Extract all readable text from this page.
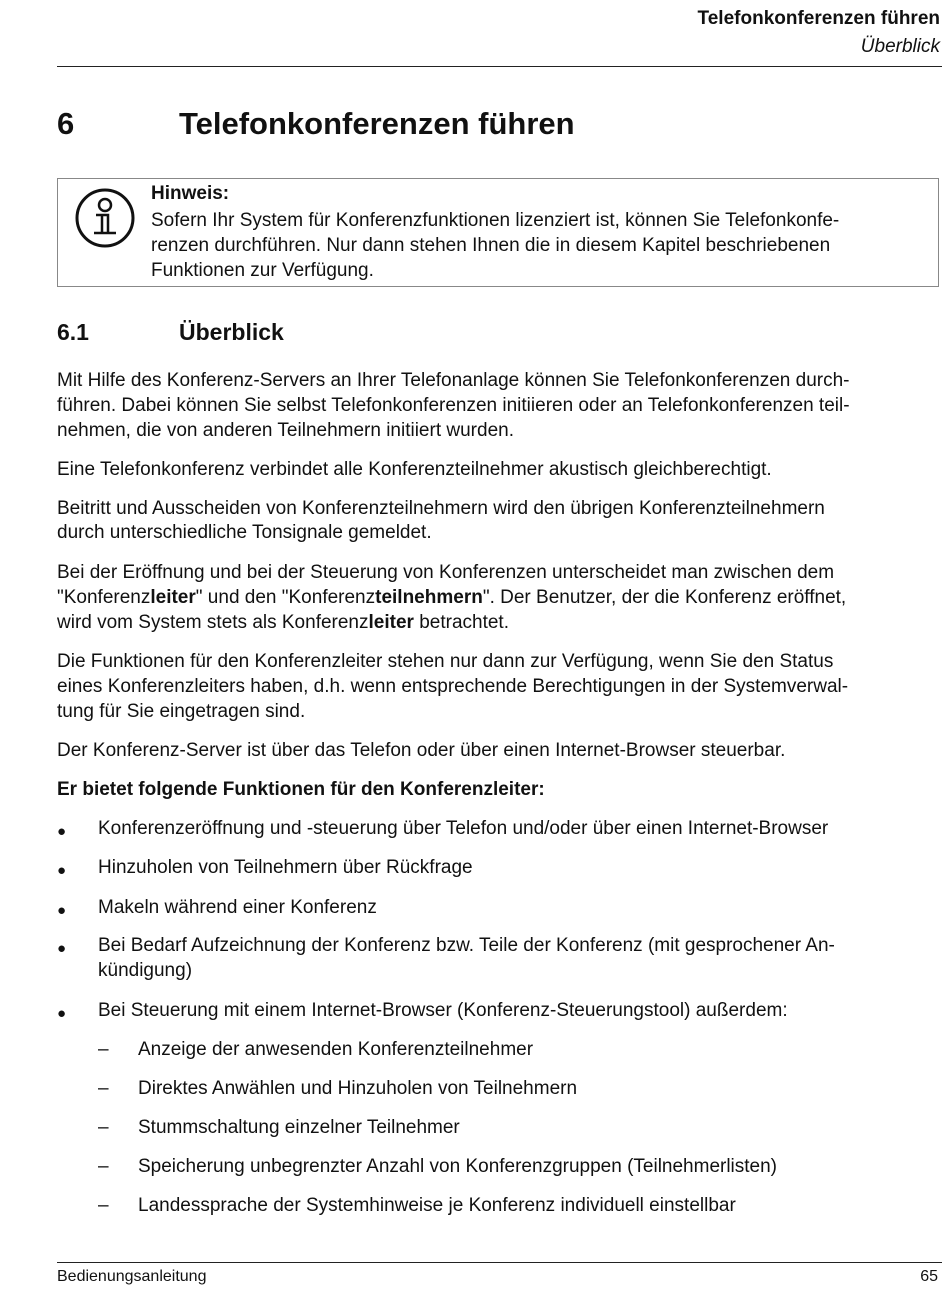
Telefonkonferenzen führen
Überblick
6	Telefonkonferenzen führen
Hinweis:
Sofern Ihr System für Konferenzfunktionen lizenziert ist, können Sie Telefonkonfe-
renzen durchführen. Nur dann stehen Ihnen die in diesem Kapitel beschriebenen
Funktionen zur Verfügung.
6.1	Überblick
Mit Hilfe des Konferenz-Servers an Ihrer Telefonanlage können Sie Telefonkonferenzen durch-
führen. Dabei können Sie selbst Telefonkonferenzen initiieren oder an Telefonkonferenzen teil-
nehmen, die von anderen Teilnehmern initiiert wurden.
Eine Telefonkonferenz verbindet alle Konferenzteilnehmer akustisch gleichberechtigt.
Beitritt und Ausscheiden von Konferenzteilnehmern wird den übrigen Konferenzteilnehmern
durch unterschiedliche Tonsignale gemeldet.
Bei der Eröffnung und bei der Steuerung von Konferenzen unterscheidet man zwischen dem
"Konferenzleiter" und den "Konferenzteilnehmern". Der Benutzer, der die Konferenz eröffnet,
wird vom System stets als Konferenzleiter betrachtet.
Die Funktionen für den Konferenzleiter stehen nur dann zur Verfügung, wenn Sie den Status
eines Konferenzleiters haben, d.h. wenn entsprechende Berechtigungen in der Systemverwal-
tung für Sie eingetragen sind.
Der Konferenz-Server ist über das Telefon oder über einen Internet-Browser steuerbar.
Er bietet folgende Funktionen für den Konferenzleiter:
● Konferenzeröffnung und -steuerung über Telefon und/oder über einen Internet-Browser
● Hinzuholen von Teilnehmern über Rückfrage
● Makeln während einer Konferenz
● Bei Bedarf Aufzeichnung der Konferenz bzw. Teile der Konferenz (mit gesprochener An-
kündigung)
● Bei Steuerung mit einem Internet-Browser (Konferenz-Steuerungstool) außerdem:
– Anzeige der anwesenden Konferenzteilnehmer
– Direktes Anwählen und Hinzuholen von Teilnehmern
– Stummschaltung einzelner Teilnehmer
– Speicherung unbegrenzter Anzahl von Konferenzgruppen (Teilnehmerlisten)
– Landessprache der Systemhinweise je Konferenz individuell einstellbar
Bedienungsanleitung	65
